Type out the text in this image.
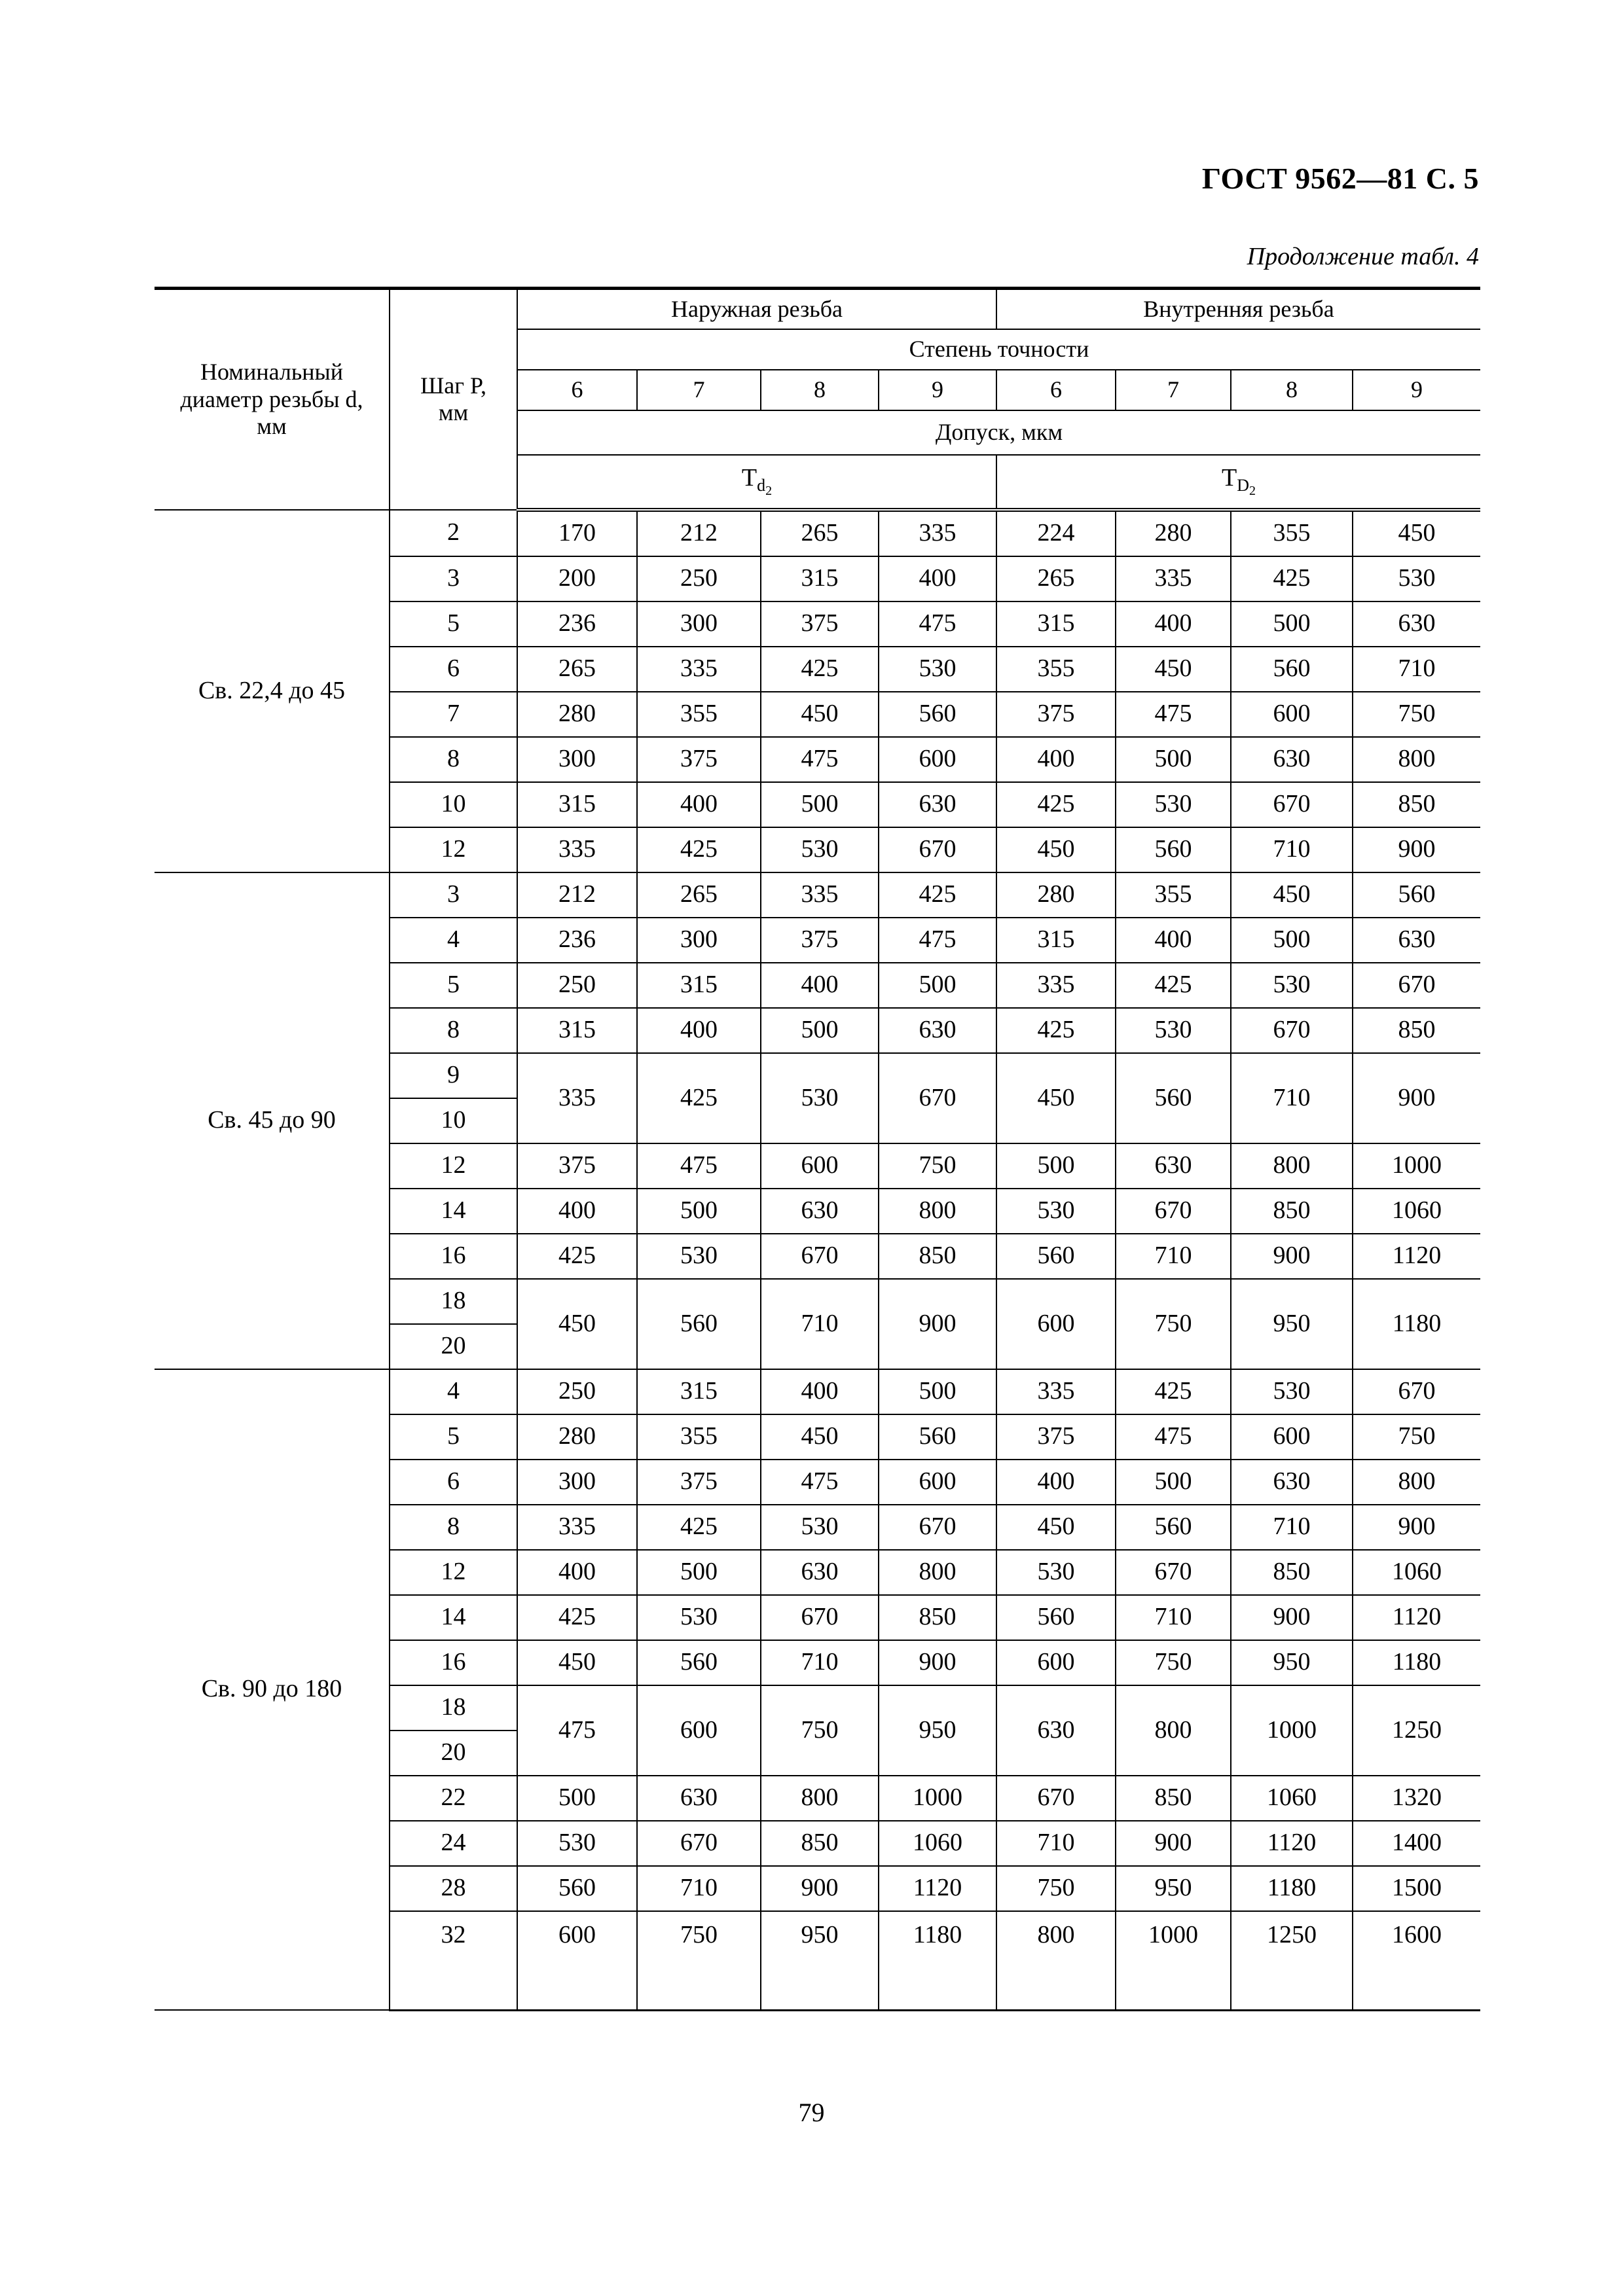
ГОСТ 9562—81 С. 5
Продолжение табл. 4
Номинальный
диаметр резьбы d,
мм	Шаг P,
мм	Наружная резьба				Внутренняя резьба			
		Степень точности							
		6	7	8	9	6	7	8	9
		Допуск, мкм							
		$T_{d_2}$				$T_{D_2}$
Св. 22,4 до 45	2	170	212	265	335	224	280	355	450
	3	200	250	315	400	265	335	425	530
	5	236	300	375	475	315	400	500	630
	6	265	335	425	530	355	450	560	710
	7	280	355	450	560	375	475	600	750
	8	300	375	475	600	400	500	630	800
	10	315	400	500	630	425	530	670	850
	12	335	425	530	670	450	560	710	900
Св. 45 до 90	3	212	265	335	425	280	355	450	560
	4	236	300	375	475	315	400	500	630
	5	250	315	400	500	335	425	530	670
	8	315	400	500	630	425	530	670	850
	9	335	425	530	670	450	560	710	900
	10								
	12	375	475	600	750	500	630	800	1000
	14	400	500	630	800	530	670	850	1060
	16	425	530	670	850	560	710	900	1120
	18	450	560	710	900	600	750	950	1180
	20								
Св. 90 до 180	4	250	315	400	500	335	425	530	670
	5	280	355	450	560	375	475	600	750
	6	300	375	475	600	400	500	630	800
	8	335	425	530	670	450	560	710	900
	12	400	500	630	800	530	670	850	1060
	14	425	530	670	850	560	710	900	1120
	16	450	560	710	900	600	750	950	1180
	18	475	600	750	950	630	800	1000	1250
	20								
	22	500	630	800	1000	670	850	1060	1320
	24	530	670	850	1060	710	900	1120	1400
	28	560	710	900	1120	750	950	1180	1500
	32	600	750	950	1180	800	1000	1250	1600
79
